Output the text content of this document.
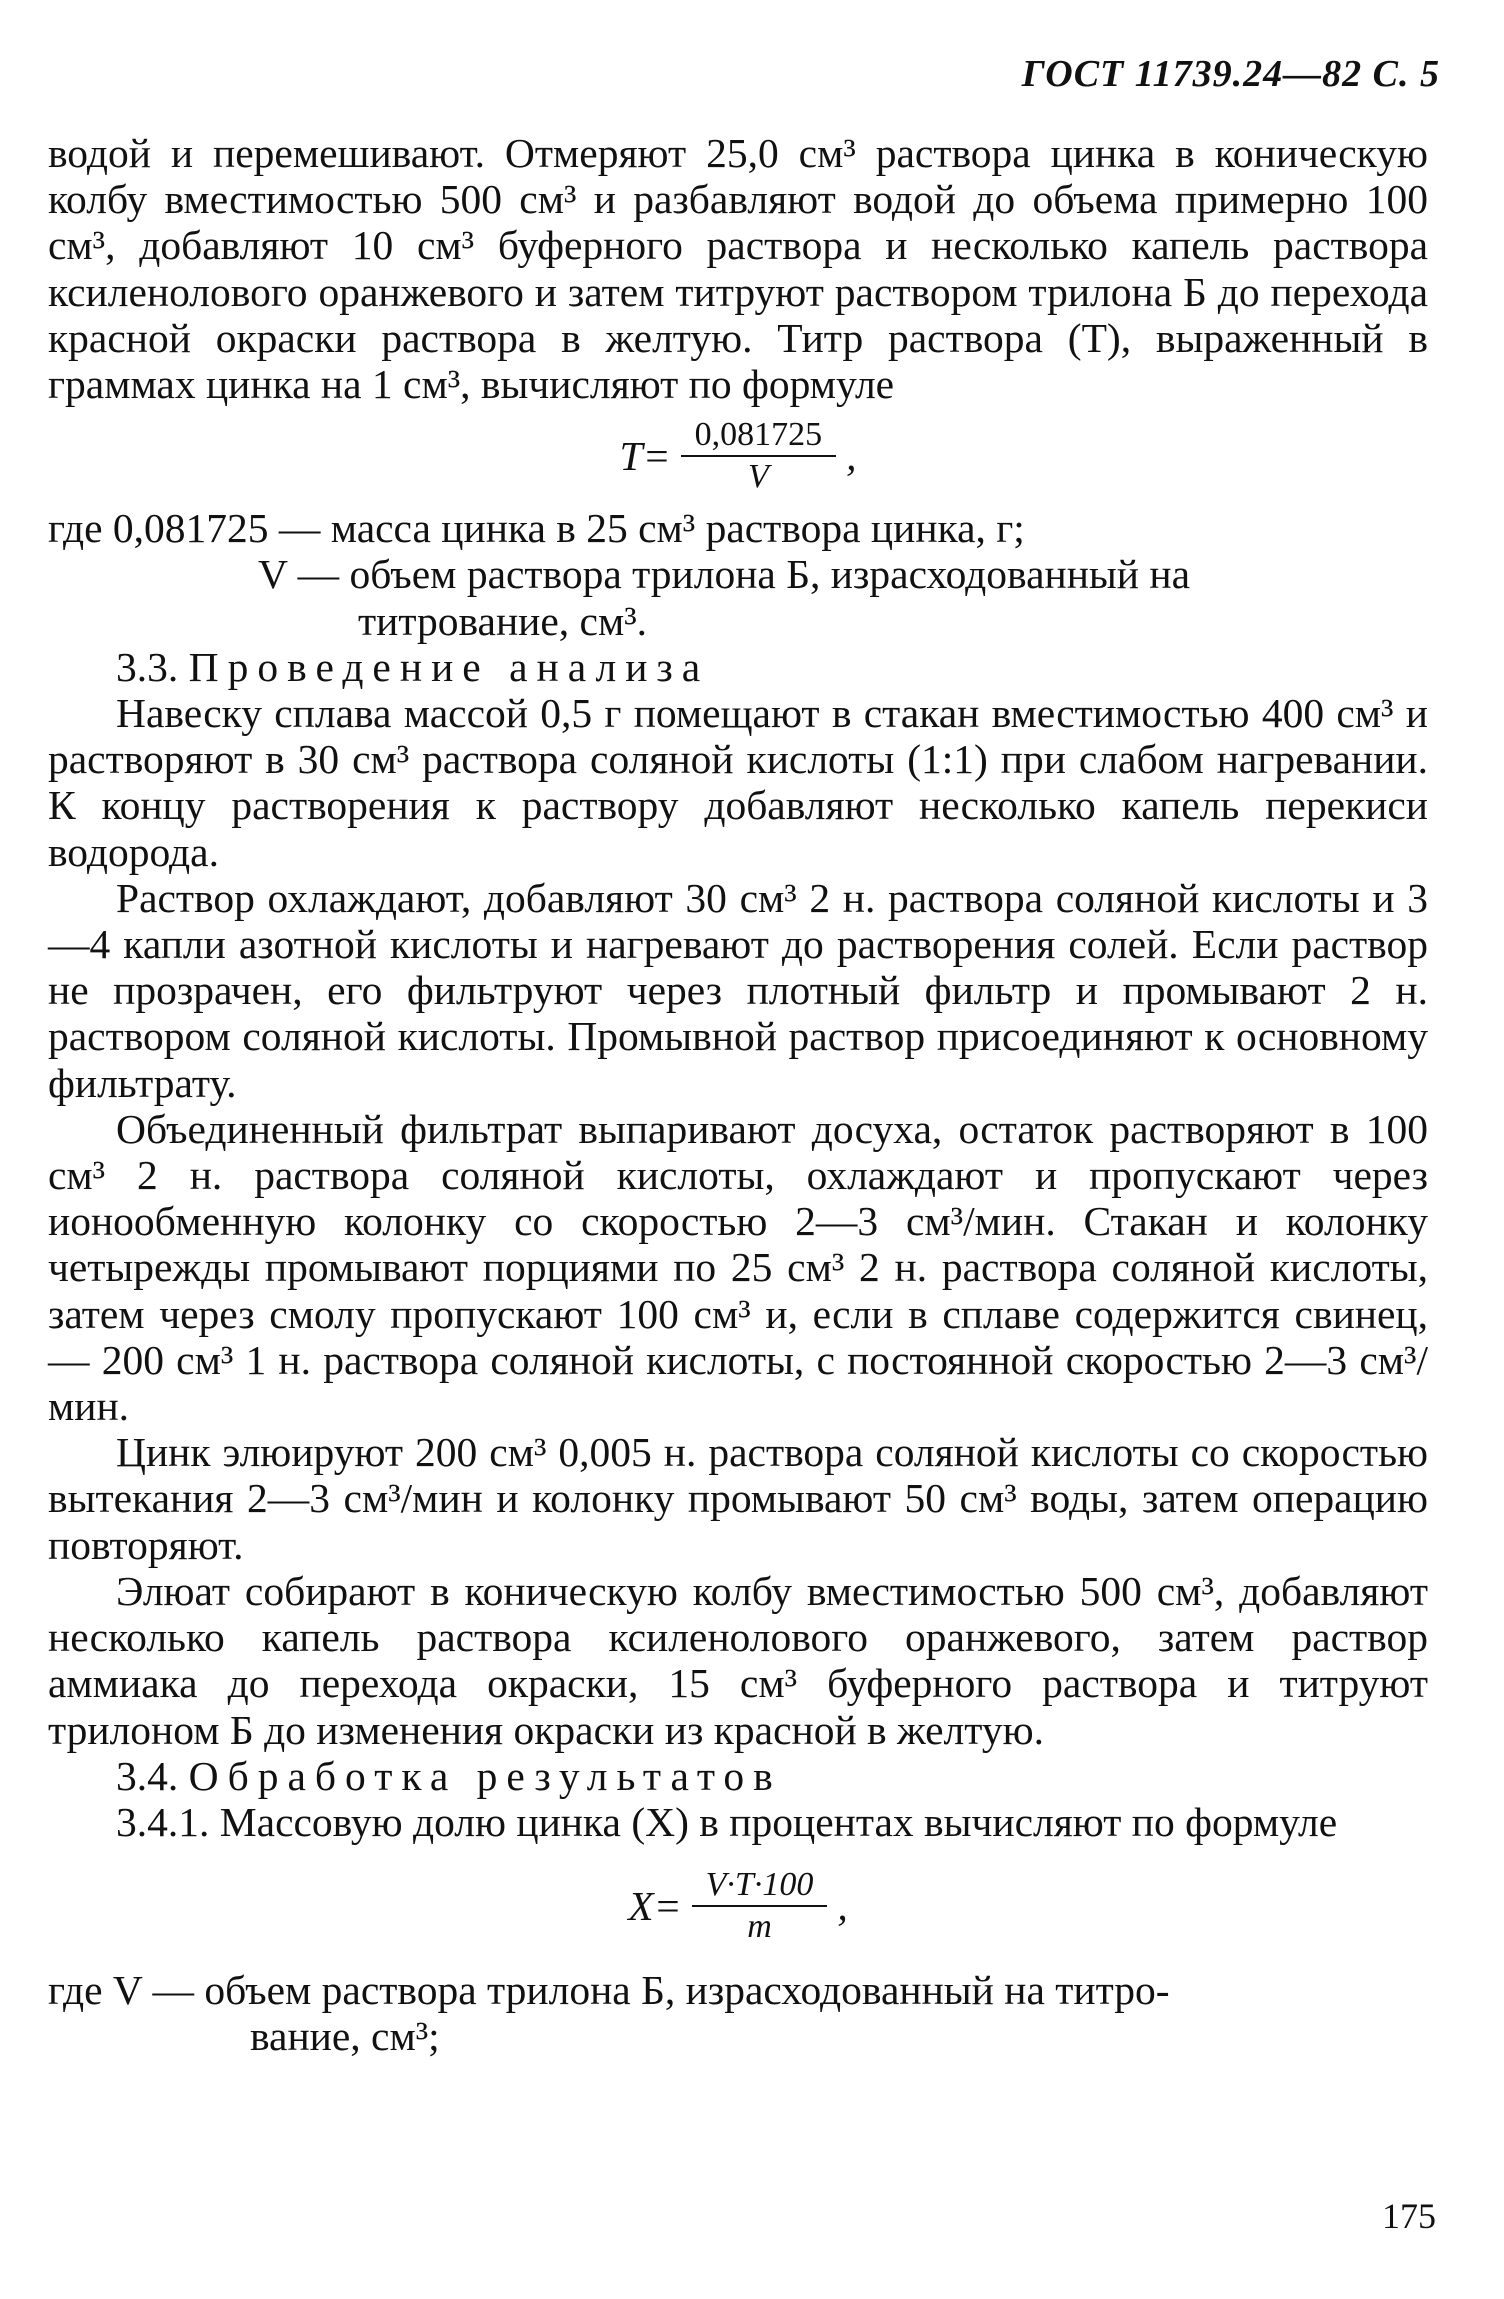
ГОСТ 11739.24—82 С. 5

водой и перемешивают. Отмеряют 25,0 см³ раствора цинка в коническую колбу вместимостью 500 см³ и разбавляют водой до объема примерно 100 см³, добавляют 10 см³ буферного раствора и несколько капель раствора ксиленолового оранжевого и затем титруют раствором трилона Б до перехода красной окраски раствора в желтую. Титр раствора (Т), выраженный в граммах цинка на 1 см³, вычисляют по формуле

$T= \frac{0,081725}{V}$ ,

где 0,081725 — масса цинка в 25 см³ раствора цинка, г;

V — объем раствора трилона Б, израсходованный на

титрование, см³.

3.3. Проведение анализа

Навеску сплава массой 0,5 г помещают в стакан вместимостью 400 см³ и растворяют в 30 см³ раствора соляной кислоты (1:1) при слабом нагревании. К концу растворения к раствору добавляют несколько капель перекиси водорода.

Раствор охлаждают, добавляют 30 см³ 2 н. раствора соляной кислоты и 3—4 капли азотной кислоты и нагревают до растворения солей. Если раствор не прозрачен, его фильтруют через плотный фильтр и промывают 2 н. раствором соляной кислоты. Промывной раствор присоединяют к основному фильтрату.

Объединенный фильтрат выпаривают досуха, остаток растворяют в 100 см³ 2 н. раствора соляной кислоты, охлаждают и пропускают через ионообменную колонку со скоростью 2—3 см³/мин. Стакан и колонку четырежды промывают порциями по 25 см³ 2 н. раствора соляной кислоты, затем через смолу пропускают 100 см³ и, если в сплаве содержится свинец, — 200 см³ 1 н. раствора соляной кислоты, с постоянной скоростью 2—3 см³/мин.

Цинк элюируют 200 см³ 0,005 н. раствора соляной кислоты со скоростью вытекания 2—3 см³/мин и колонку промывают 50 см³ воды, затем операцию повторяют.

Элюат собирают в коническую колбу вместимостью 500 см³, добавляют несколько капель раствора ксиленолового оранжевого, затем раствор аммиака до перехода окраски, 15 см³ буферного раствора и титруют трилоном Б до изменения окраски из красной в желтую.

3.4. Обработка результатов

3.4.1. Массовую долю цинка (X) в процентах вычисляют по формуле

$X= \frac{V\cdot T\cdot 100}{m}$ ,

где V — объем раствора трилона Б, израсходованный на титро-

вание, см³;

175
